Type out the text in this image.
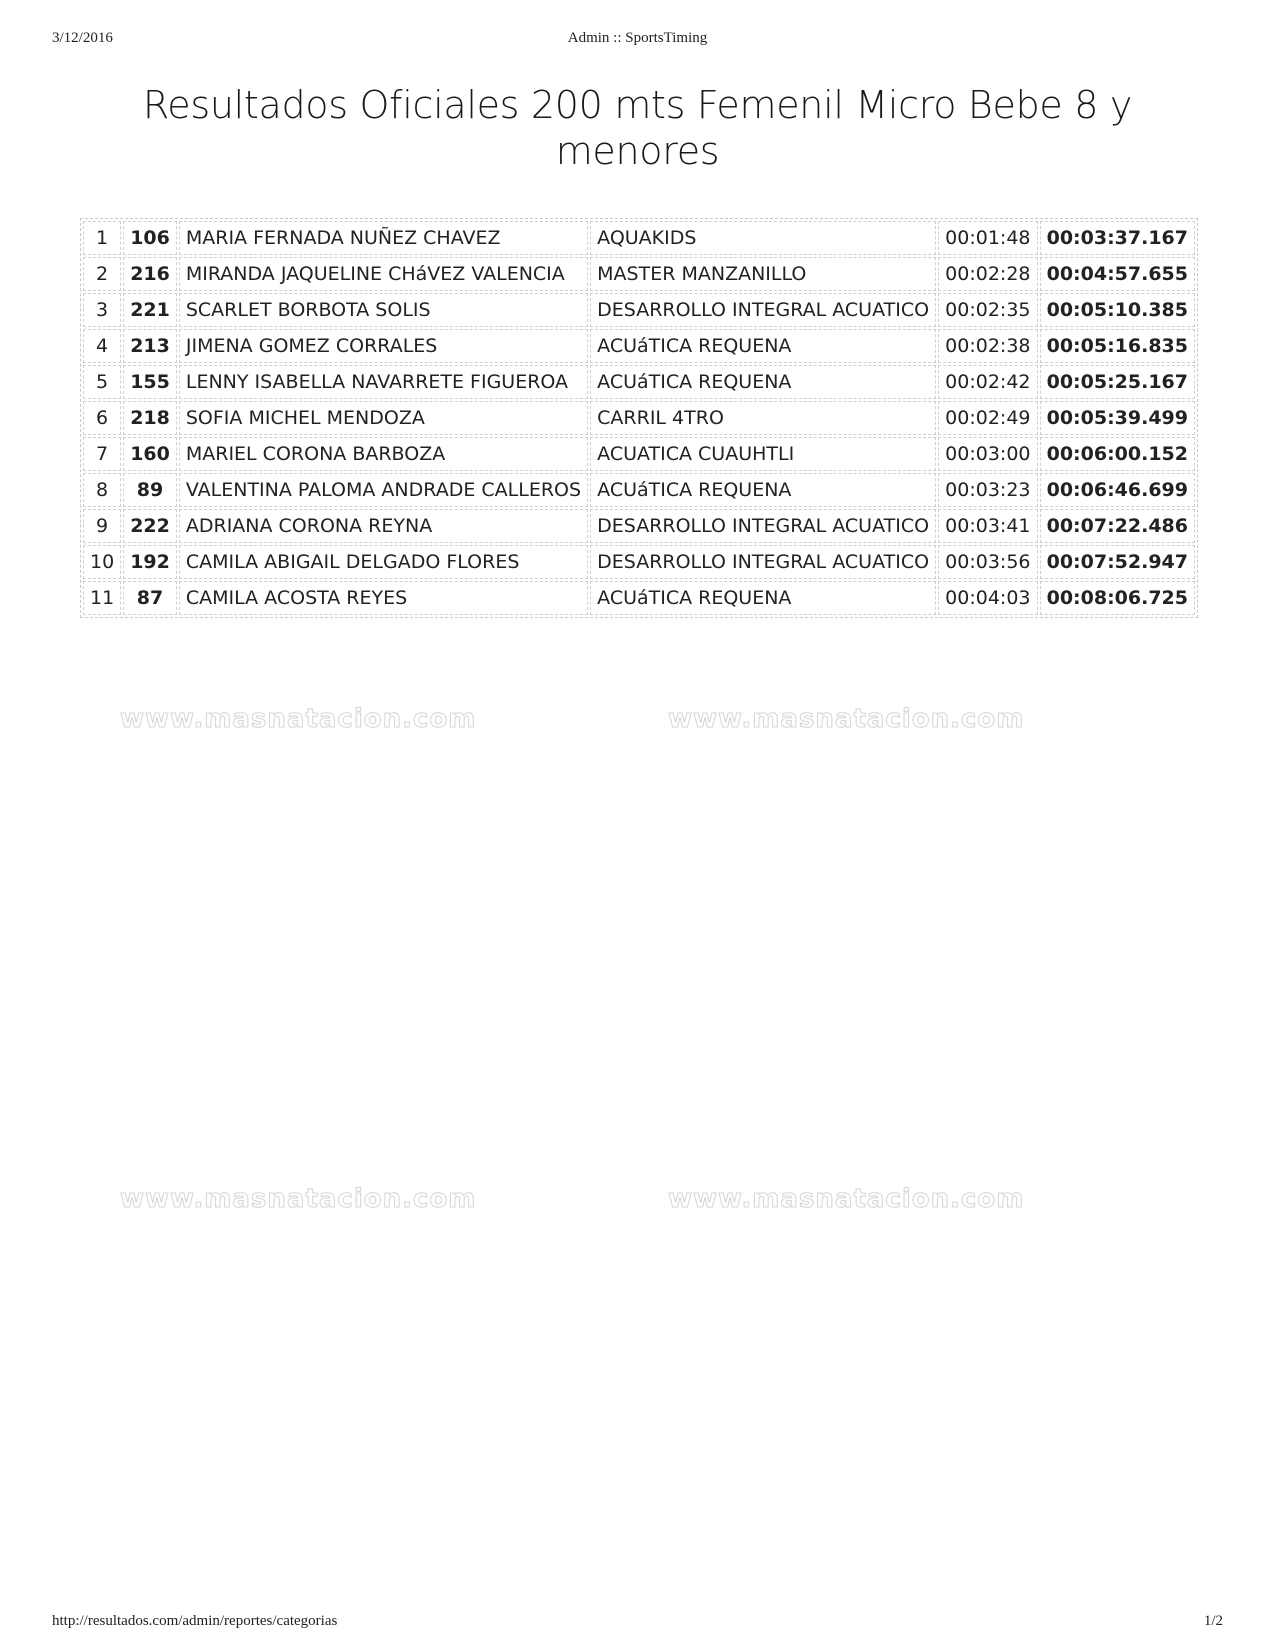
3/12/2016	Admin :: SportsTiming
Resultados Oficiales 200 mts Femenil Micro Bebe 8 y menores
1	106	MARIA FERNADA NUÑEZ CHAVEZ	AQUAKIDS	00:01:48	00:03:37.167
2	216	MIRANDA JAQUELINE CHáVEZ VALENCIA	MASTER MANZANILLO	00:02:28	00:04:57.655
3	221	SCARLET BORBOTA SOLIS	DESARROLLO INTEGRAL ACUATICO	00:02:35	00:05:10.385
4	213	JIMENA GOMEZ CORRALES	ACUáTICA REQUENA	00:02:38	00:05:16.835
5	155	LENNY ISABELLA NAVARRETE FIGUEROA	ACUáTICA REQUENA	00:02:42	00:05:25.167
6	218	SOFIA MICHEL MENDOZA	CARRIL 4TRO	00:02:49	00:05:39.499
7	160	MARIEL CORONA BARBOZA	ACUATICA CUAUHTLI	00:03:00	00:06:00.152
8	89	VALENTINA PALOMA ANDRADE CALLEROS	ACUáTICA REQUENA	00:03:23	00:06:46.699
9	222	ADRIANA CORONA REYNA	DESARROLLO INTEGRAL ACUATICO	00:03:41	00:07:22.486
10	192	CAMILA ABIGAIL DELGADO FLORES	DESARROLLO INTEGRAL ACUATICO	00:03:56	00:07:52.947
11	87	CAMILA ACOSTA REYES	ACUáTICA REQUENA	00:04:03	00:08:06.725
www.masnatacion.com	www.masnatacion.com
www.masnatacion.com	www.masnatacion.com
http://resultados.com/admin/reportes/categorias	1/2
